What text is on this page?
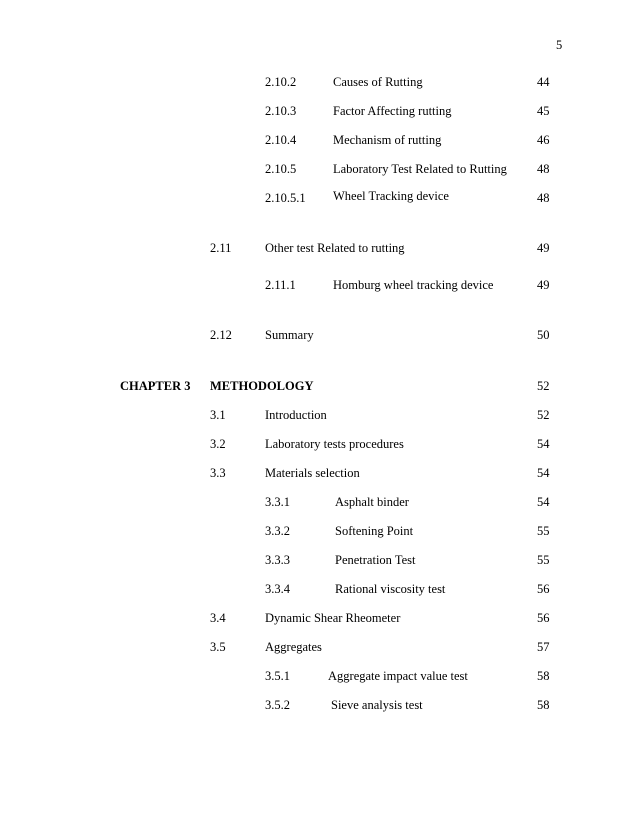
5
2.10.2	Causes of Rutting	44
2.10.3	Factor Affecting rutting	45
2.10.4	Mechanism of rutting	46
2.10.5	Laboratory Test Related to Rutting 48
2.10.5.1 Wheel Tracking device	48
2.11	Other test Related to rutting	49
2.11.1	Homburg wheel tracking device	49
2.12	Summary	50
CHAPTER 3 METHODOLOGY	52
3.1	Introduction	52
3.2	Laboratory tests procedures	54
3.3	Materials selection	54
3.3.1	Asphalt binder	54
3.3.2	Softening Point	55
3.3.3	Penetration Test	55
3.3.4	Rational viscosity test	56
3.4	Dynamic Shear Rheometer	56
3.5	Aggregates	57
3.5.1	Aggregate impact value test	58
3.5.2	Sieve analysis test	58
